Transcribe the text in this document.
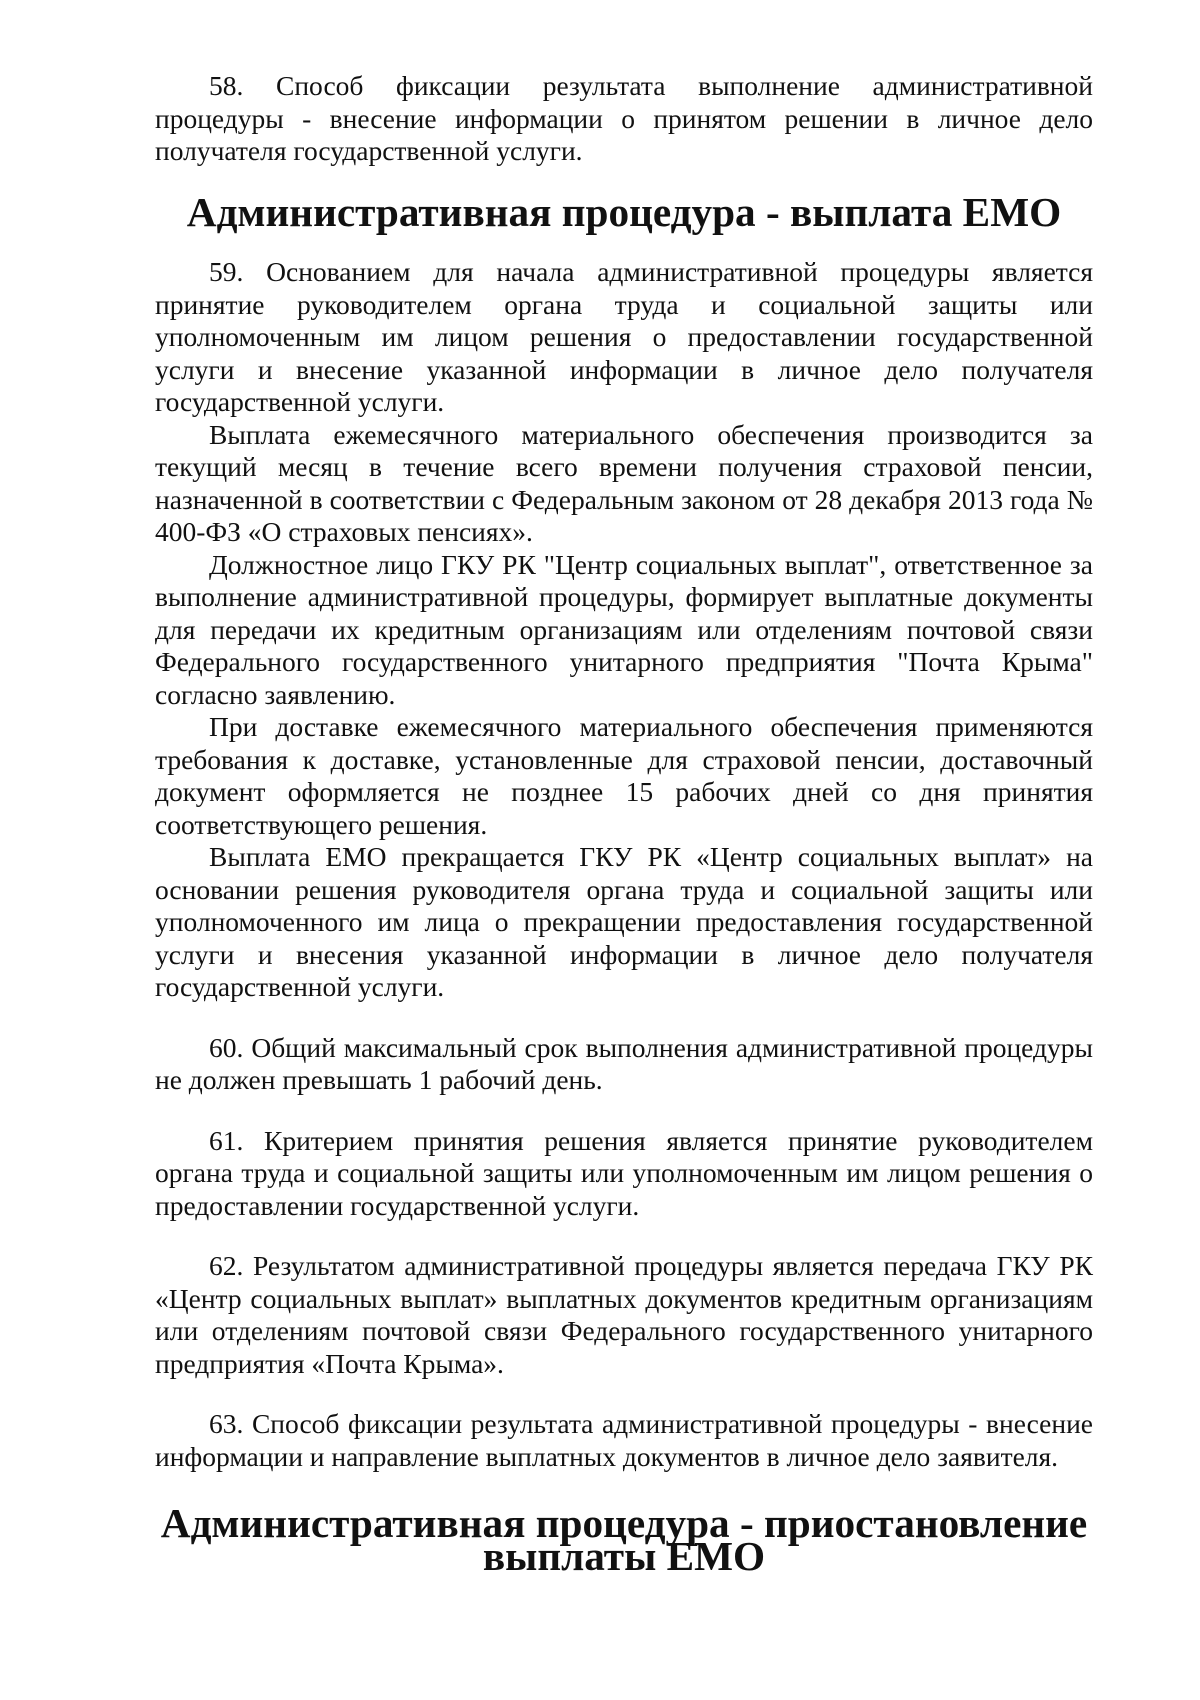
58. Способ фиксации результата выполнение административной процедуры - внесение информации о принятом решении в личное дело получателя государственной услуги.

Административная процедура - выплата ЕМО

59. Основанием для начала административной процедуры является принятие руководителем органа труда и социальной защиты или уполномоченным им лицом решения о предоставлении государственной услуги и внесение указанной информации в личное дело получателя государственной услуги.

Выплата ежемесячного материального обеспечения производится за текущий месяц в течение всего времени получения страховой пенсии, назначенной в соответствии с Федеральным законом от 28 декабря 2013 года № 400-ФЗ «О страховых пенсиях».

Должностное лицо ГКУ РК "Центр социальных выплат", ответственное за выполнение административной процедуры, формирует выплатные документы для передачи их кредитным организациям или отделениям почтовой связи Федерального государственного унитарного предприятия "Почта Крыма" согласно заявлению.

При доставке ежемесячного материального обеспечения применяются требования к доставке, установленные для страховой пенсии, доставочный документ оформляется не позднее 15 рабочих дней со дня принятия соответствующего решения.

Выплата ЕМО прекращается ГКУ РК «Центр социальных выплат» на основании решения руководителя органа труда и социальной защиты или уполномоченного им лица о прекращении предоставления государственной услуги и внесения указанной информации в личное дело получателя государственной услуги.

60. Общий максимальный срок выполнения административной процедуры не должен превышать 1 рабочий день.

61. Критерием принятия решения является принятие руководителем органа труда и социальной защиты или уполномоченным им лицом решения о предоставлении государственной услуги.

62. Результатом административной процедуры является передача ГКУ РК «Центр социальных выплат» выплатных документов кредитным организациям или отделениям почтовой связи Федерального государственного унитарного предприятия «Почта Крыма».

63. Способ фиксации результата административной процедуры - внесение информации и направление выплатных документов в личное дело заявителя.

Административная процедура - приостановление выплаты ЕМО
